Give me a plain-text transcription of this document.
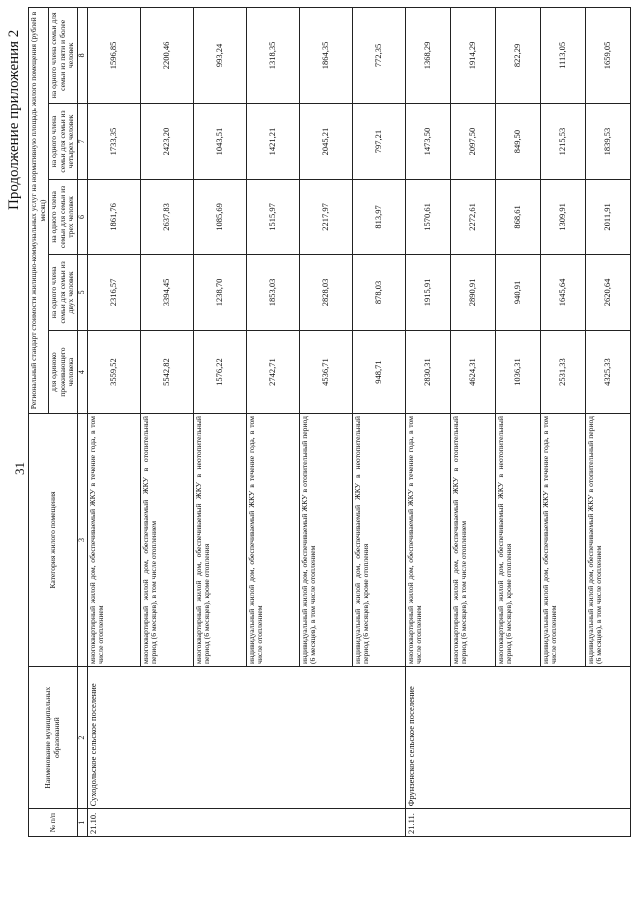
31
Продолжение приложения 2
№ п/п	Наименование муниципальных образований	Категория жилого помещения	Региональный стандарт стоимости жилищно-коммунальных услуг на нормативную площадь жилого помещения (рублей в месяц)				
			для одиноко проживающего человека	на одного члена семьи для семьи из двух человек	на одного члена семьи для семьи из трех человек	на одного члена семьи для семьи из четырех человек	на одного члена семьи для семьи из пяти и более человек
1	2	3	4	5	6	7	8
21.10.	Суходольское сельское поселение	многоквартирный жилой дом, обеспечиваемый ЖКУ в течение года, в том числе отоплением	3559,52	2316,57	1861,76	1733,35	1596,85
		многоквартирный жилой дом, обеспечиваемый ЖКУ в отопительный период (6 месяцев), в том числе отоплением	5542,82	3394,45	2637,83	2423,20	2200,46
		многоквартирный жилой дом, обеспечиваемый ЖКУ в неотопительный период (6 месяцев), кроме отопления	1576,22	1238,70	1085,69	1043,51	993,24
		индивидуальный жилой дом, обеспечиваемый ЖКУ в течение года, в том числе отоплением	2742,71	1853,03	1515,97	1421,21	1318,35
		индивидуальный жилой дом, обеспечиваемый ЖКУ в отопительный период (6 месяцев), в том числе отоплением	4536,71	2828,03	2217,97	2045,21	1864,35
		индивидуальный жилой дом, обеспечиваемый ЖКУ в неотопительный период (6 месяцев), кроме отопления	948,71	878,03	813,97	797,21	772,35
21.11.	Фрунзенское сельское поселение	многоквартирный жилой дом, обеспечиваемый ЖКУ в течение года, в том числе отоплением	2830,31	1915,91	1570,61	1473,50	1368,29
		многоквартирный жилой дом, обеспечиваемый ЖКУ в отопительный период (6 месяцев), в том числе отоплением	4624,31	2890,91	2272,61	2097,50	1914,29
		многоквартирный жилой дом, обеспечиваемый ЖКУ в неотопительный период (6 месяцев), кроме отопления	1036,31	940,91	868,61	849,50	822,29
		индивидуальный жилой дом, обеспечиваемый ЖКУ в течение года, в том числе отоплением	2531,33	1645,64	1309,91	1215,53	1113,05
		индивидуальный жилой дом, обеспечиваемый ЖКУ в отопительный период (6 месяцев), в том числе отоплением	4325,33	2620,64	2011,91	1839,53	1659,05
